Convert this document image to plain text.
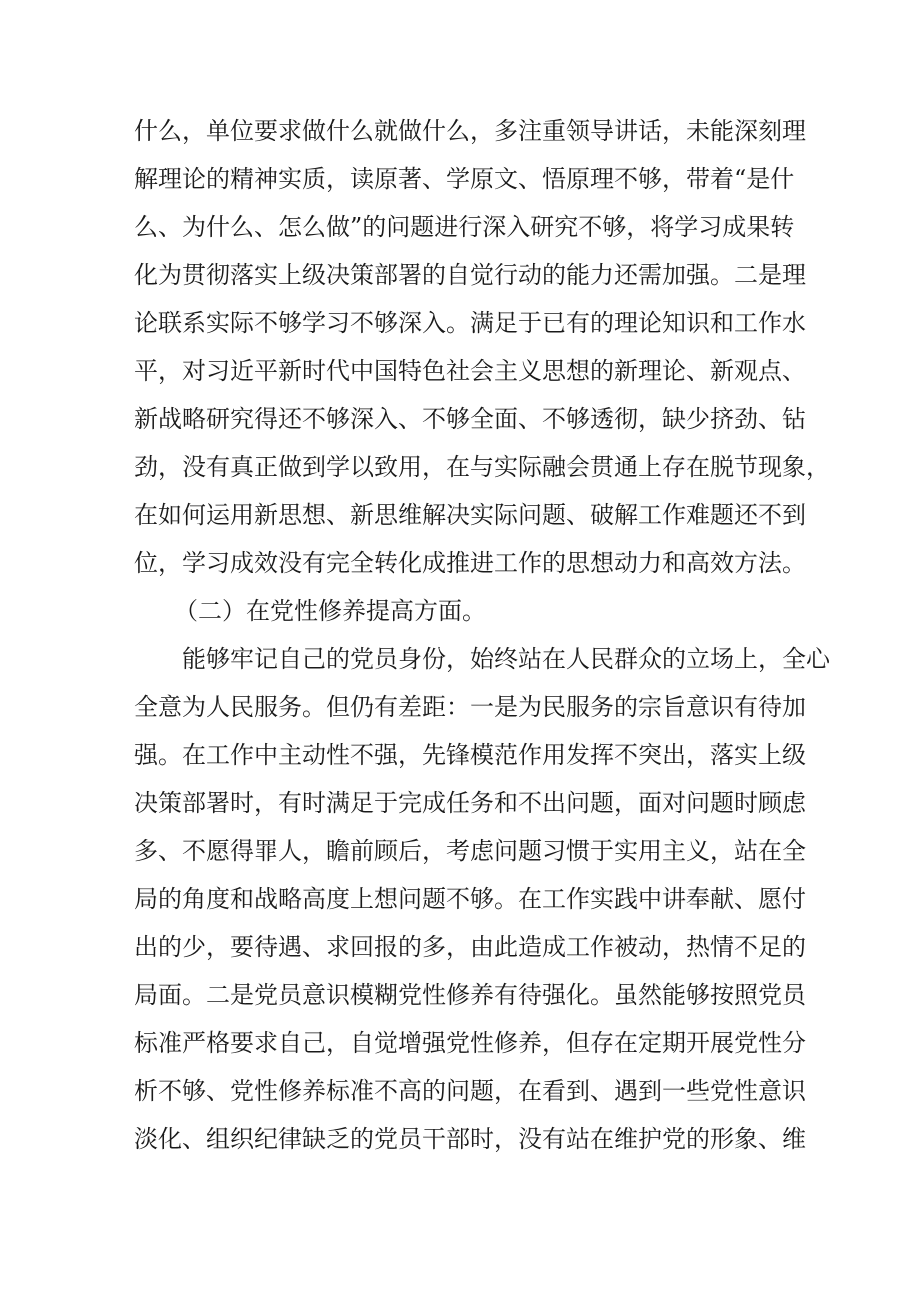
什么，单位要求做什么就做什么，多注重领导讲话，未能深刻理
解理论的精神实质，读原著、学原文、悟原理不够，带着“是什
么、为什么、怎么做”的问题进行深入研究不够，将学习成果转
化为贯彻落实上级决策部署的自觉行动的能力还需加强。二是理
论联系实际不够学习不够深入。满足于已有的理论知识和工作水
平，对习近平新时代中国特色社会主义思想的新理论、新观点、
新战略研究得还不够深入、不够全面、不够透彻，缺少挤劲、钻
劲，没有真正做到学以致用，在与实际融会贯通上存在脱节现象，
在如何运用新思想、新思维解决实际问题、破解工作难题还不到
位，学习成效没有完全转化成推进工作的思想动力和高效方法。
（二）在党性修养提高方面。
能够牢记自己的党员身份，始终站在人民群众的立场上，全心
全意为人民服务。但仍有差距：一是为民服务的宗旨意识有待加
强。在工作中主动性不强，先锋模范作用发挥不突出，落实上级
决策部署时，有时满足于完成任务和不出问题，面对问题时顾虑
多、不愿得罪人，瞻前顾后，考虑问题习惯于实用主义，站在全
局的角度和战略高度上想问题不够。在工作实践中讲奉献、愿付
出的少，要待遇、求回报的多，由此造成工作被动，热情不足的
局面。二是党员意识模糊党性修养有待强化。虽然能够按照党员
标准严格要求自己，自觉增强党性修养，但存在定期开展党性分
析不够、党性修养标准不高的问题，在看到、遇到一些党性意识
淡化、组织纪律缺乏的党员干部时，没有站在维护党的形象、维
